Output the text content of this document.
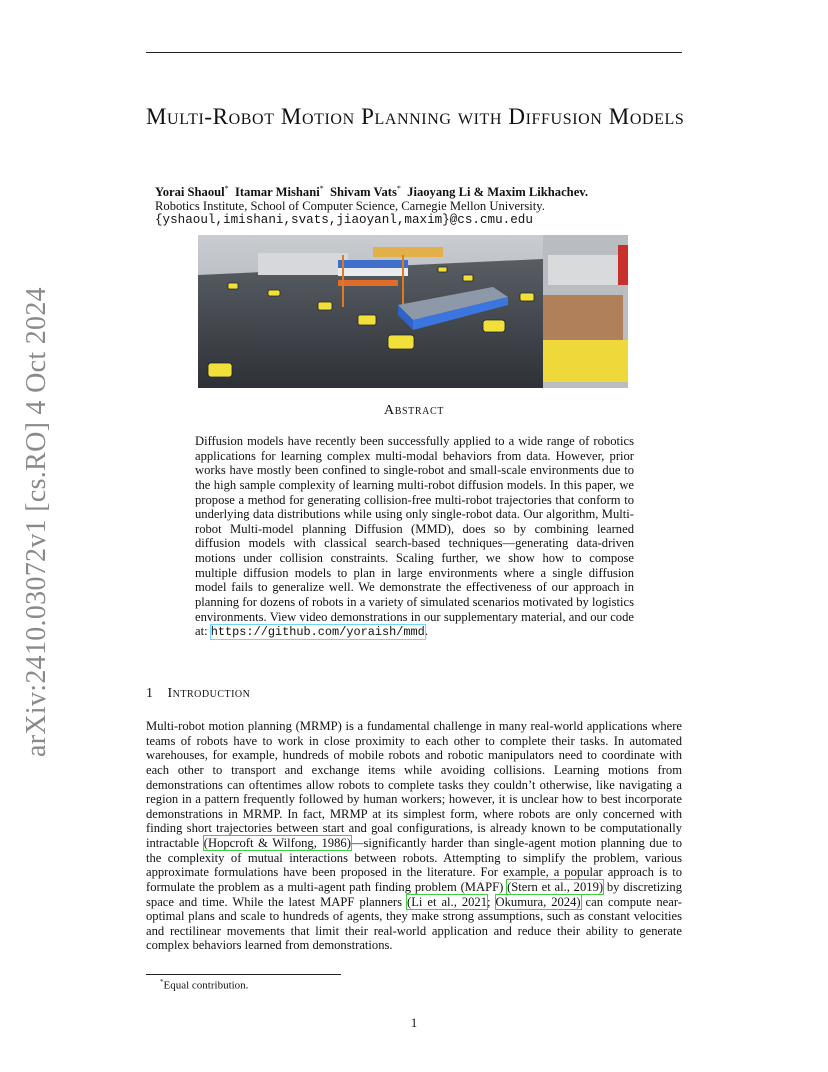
arXiv:2410.03072v1 [cs.RO] 4 Oct 2024
Multi-Robot Motion Planning with Diffusion Models
Yorai Shaoul* Itamar Mishani* Shivam Vats* Jiaoyang Li & Maxim Likhachev.
Robotics Institute, School of Computer Science, Carnegie Mellon University.
{yshaoul,imishani,svats,jiaoyanl,maxim}@cs.cmu.edu
Abstract

Diffusion models have recently been successfully applied to a wide range of robotics applications for learning complex multi-modal behaviors from data. However, prior works have mostly been confined to single-robot and small-scale environments due to the high sample complexity of learning multi-robot diffusion models. In this paper, we propose a method for generating collision-free multi-robot trajectories that conform to underlying data distributions while using only single-robot data. Our algorithm, Multi-robot Multi-model planning Diffusion (MMD), does so by combining learned diffusion models with classical search-based techniques—generating data-driven motions under collision constraints. Scaling further, we show how to compose multiple diffusion models to plan in large environments where a single diffusion model fails to generalize well. We demonstrate the effectiveness of our approach in planning for dozens of robots in a variety of simulated scenarios motivated by logistics environments. View video demonstrations in our supplementary material, and our code at: https://github.com/yoraish/mmd.

1 Introduction

Multi-robot motion planning (MRMP) is a fundamental challenge in many real-world applications where teams of robots have to work in close proximity to each other to complete their tasks. In automated warehouses, for example, hundreds of mobile robots and robotic manipulators need to coordinate with each other to transport and exchange items while avoiding collisions. Learning motions from demonstrations can oftentimes allow robots to complete tasks they couldn’t otherwise, like navigating a region in a pattern frequently followed by human workers; however, it is unclear how to best incorporate demonstrations in MRMP. In fact, MRMP at its simplest form, where robots are only concerned with finding short trajectories between start and goal configurations, is already known to be computationally intractable (Hopcroft & Wilfong, 1986)—significantly harder than single-agent motion planning due to the complexity of mutual interactions between robots. Attempting to simplify the problem, various approximate formulations have been proposed in the literature. For example, a popular approach is to formulate the problem as a multi-agent path finding problem (MAPF) (Stern et al., 2019) by discretizing space and time. While the latest MAPF planners (Li et al., 2021; Okumura, 2024) can compute near-optimal plans and scale to hundreds of agents, they make strong assumptions, such as constant velocities and rectilinear movements that limit their real-world application and reduce their ability to generate complex behaviors learned from demonstrations.

*Equal contribution.
1
